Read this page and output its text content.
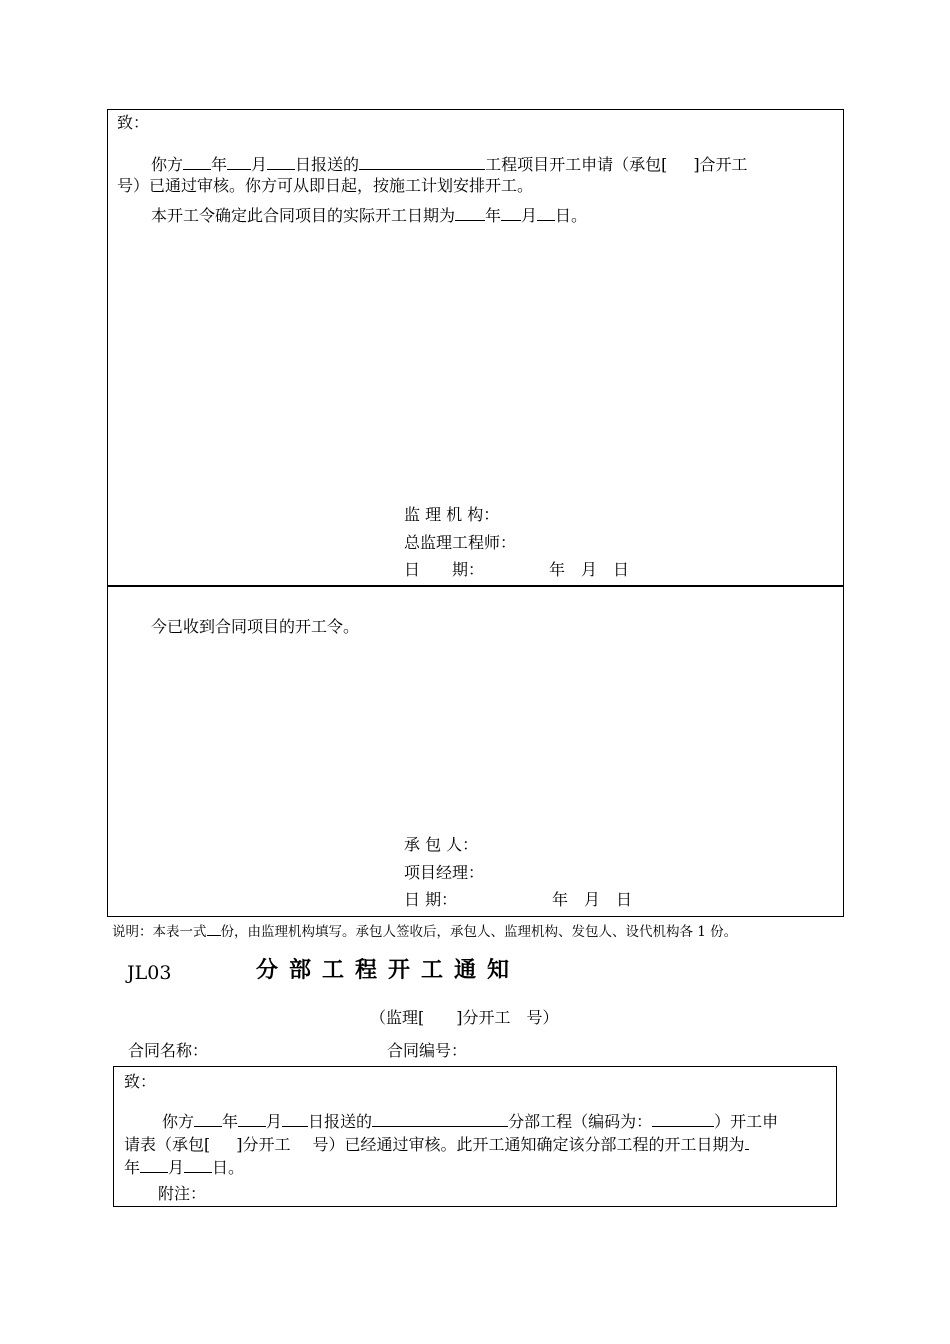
致：
你方 年 月 日报送的	工程项目开工申请（承包[ ]合开工
号）已通过审核。你方可从即日起，按施工计划安排开工。
本开工令确定此合同项目的实际开工日期为 年 月 日。
监 理 机 构：
总监理工程师：
日　　期：	年　月　日
今已收到合同项目的开工令。
承 包 人：
项目经理：
日 期：	年　月　日
说明：本表一式 份，由监理机构填写。承包人签收后，承包人、监理机构、发包人、设代机构各 1 份。
JL03	分部工程开工通知
（监理[ ]分开工 号）
合同名称：	合同编号：
致：
你方 年 月 日报送的	分部工程（编码为：	）开工申
请表（承包[ ]分开工 号）已经通过审核。此开工通知确定该分部工程的开工日期为
年 月 日。
附注：
